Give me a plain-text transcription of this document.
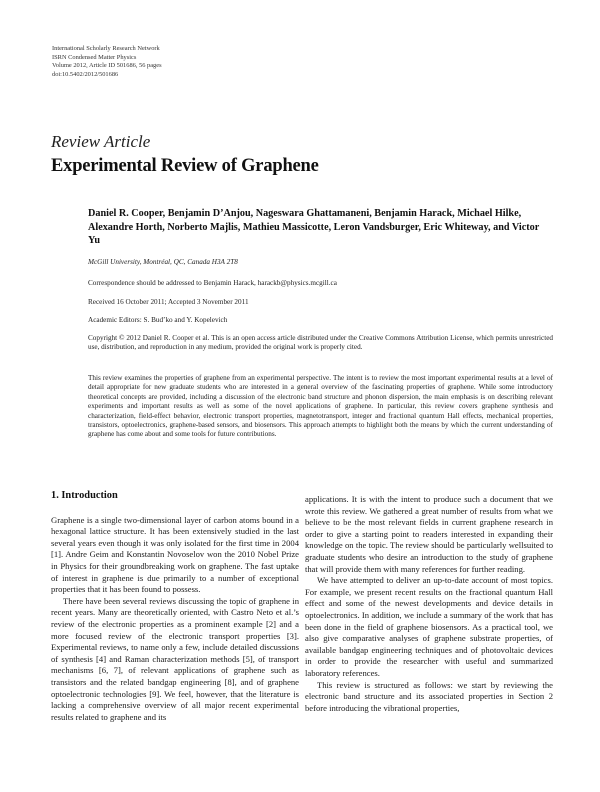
International Scholarly Research Network
ISRN Condensed Matter Physics
Volume 2012, Article ID 501686, 56 pages
doi:10.5402/2012/501686
Review Article
Experimental Review of Graphene
Daniel R. Cooper, Benjamin D’Anjou, Nageswara Ghattamaneni, Benjamin Harack, Michael Hilke, Alexandre Horth, Norberto Majlis, Mathieu Massicotte, Leron Vandsburger, Eric Whiteway, and Victor Yu
McGill University, Montréal, QC, Canada H3A 2T8
Correspondence should be addressed to Benjamin Harack, harackb@physics.mcgill.ca
Received 16 October 2011; Accepted 3 November 2011
Academic Editors: S. Bud’ko and Y. Kopelevich
Copyright © 2012 Daniel R. Cooper et al. This is an open access article distributed under the Creative Commons Attribution License, which permits unrestricted use, distribution, and reproduction in any medium, provided the original work is properly cited.
This review examines the properties of graphene from an experimental perspective. The intent is to review the most important experimental results at a level of detail appropriate for new graduate students who are interested in a general overview of the fascinating properties of graphene. While some introductory theoretical concepts are provided, including a discussion of the electronic band structure and phonon dispersion, the main emphasis is on describing relevant experiments and important results as well as some of the novel applications of graphene. In particular, this review covers graphene synthesis and characterization, field-effect behavior, electronic transport properties, magnetotransport, integer and fractional quantum Hall effects, mechanical properties, transistors, optoelectronics, graphene-based sensors, and biosensors. This approach attempts to highlight both the means by which the current understanding of graphene has come about and some tools for future contributions.
1. Introduction

Graphene is a single two-dimensional layer of carbon atoms bound in a hexagonal lattice structure. It has been extensively studied in the last several years even though it was only isolated for the first time in 2004 [1]. Andre Geim and Konstantin Novoselov won the 2010 Nobel Prize in Physics for their groundbreaking work on graphene. The fast uptake of interest in graphene is due primarily to a number of exceptional properties that it has been found to possess.

There have been several reviews discussing the topic of graphene in recent years. Many are theoretically oriented, with Castro Neto et al.’s review of the electronic properties as a prominent example [2] and a more focused review of the electronic transport properties [3]. Experimental reviews, to name only a few, include detailed discussions of synthesis [4] and Raman characterization methods [5], of transport mechanisms [6, 7], of relevant applications of graphene such as transistors and the related bandgap engineering [8], and of graphene optoelectronic technologies [9]. We feel, however, that the literature is lacking a comprehensive overview of all major recent experimental results related to graphene and its

applications. It is with the intent to produce such a document that we wrote this review. We gathered a great number of results from what we believe to be the most relevant fields in current graphene research in order to give a starting point to readers interested in expanding their knowledge on the topic. The review should be particularly wellsuited to graduate students who desire an introduction to the study of graphene that will provide them with many references for further reading.

We have attempted to deliver an up-to-date account of most topics. For example, we present recent results on the fractional quantum Hall effect and some of the newest developments and device details in optoelectronics. In addition, we include a summary of the work that has been done in the field of graphene biosensors. As a practical tool, we also give comparative analyses of graphene substrate properties, of available bandgap engineering techniques and of photovoltaic devices in order to provide the researcher with useful and summarized laboratory references.

This review is structured as follows: we start by reviewing the electronic band structure and its associated properties in Section 2 before introducing the vibrational properties,
